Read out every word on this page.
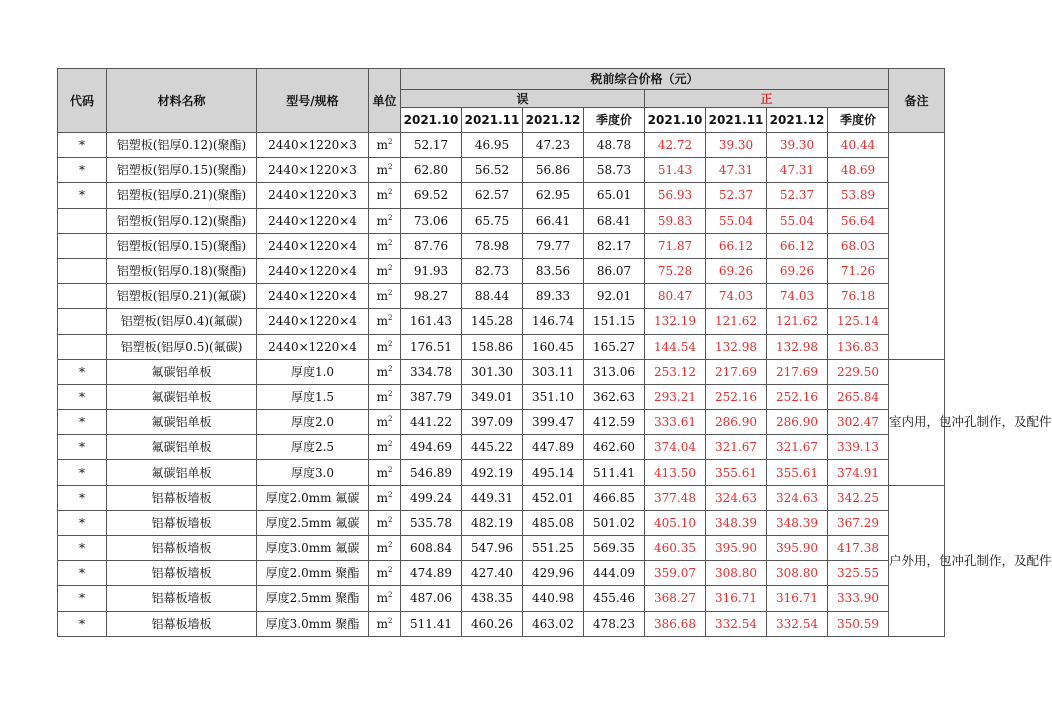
代码	材料名称	型号/规格	单位	税前综合价格（元）								备注
				误				正				
				2021.10	2021.11	2021.12	季度价	2021.10	2021.11	2021.12	季度价	
*	铝塑板(铝厚0.12)(聚酯)	2440×1220×3	$m^2$	52.17	46.95	47.23	48.78	42.72	39.30	39.30	40.44	
*	铝塑板(铝厚0.15)(聚酯)	2440×1220×3	$m^2$	62.80	56.52	56.86	58.73	51.43	47.31	47.31	48.69	
*	铝塑板(铝厚0.21)(聚酯)	2440×1220×3	$m^2$	69.52	62.57	62.95	65.01	56.93	52.37	52.37	53.89	
	铝塑板(铝厚0.12)(聚酯)	2440×1220×4	$m^2$	73.06	65.75	66.41	68.41	59.83	55.04	55.04	56.64	
	铝塑板(铝厚0.15)(聚酯)	2440×1220×4	$m^2$	87.76	78.98	79.77	82.17	71.87	66.12	66.12	68.03	
	铝塑板(铝厚0.18)(聚酯)	2440×1220×4	$m^2$	91.93	82.73	83.56	86.07	75.28	69.26	69.26	71.26	
	铝塑板(铝厚0.21)(氟碳)	2440×1220×4	$m^2$	98.27	88.44	89.33	92.01	80.47	74.03	74.03	76.18	
	铝塑板(铝厚0.4)(氟碳)	2440×1220×4	$m^2$	161.43	145.28	146.74	151.15	132.19	121.62	121.62	125.14	
	铝塑板(铝厚0.5)(氟碳)	2440×1220×4	$m^2$	176.51	158.86	160.45	165.27	144.54	132.98	132.98	136.83	
*	氟碳铝单板	厚度1.0	$m^2$	334.78	301.30	303.11	313.06	253.12	217.69	217.69	229.50	室内用，包冲孔制作，及配件
*	氟碳铝单板	厚度1.5	$m^2$	387.79	349.01	351.10	362.63	293.21	252.16	252.16	265.84	
*	氟碳铝单板	厚度2.0	$m^2$	441.22	397.09	399.47	412.59	333.61	286.90	286.90	302.47	
*	氟碳铝单板	厚度2.5	$m^2$	494.69	445.22	447.89	462.60	374.04	321.67	321.67	339.13	
*	氟碳铝单板	厚度3.0	$m^2$	546.89	492.19	495.14	511.41	413.50	355.61	355.61	374.91	
*	铝幕板墙板	厚度2.0mm 氟碳	$m^2$	499.24	449.31	452.01	466.85	377.48	324.63	324.63	342.25	户外用，包冲孔制作，及配件
*	铝幕板墙板	厚度2.5mm 氟碳	$m^2$	535.78	482.19	485.08	501.02	405.10	348.39	348.39	367.29	
*	铝幕板墙板	厚度3.0mm 氟碳	$m^2$	608.84	547.96	551.25	569.35	460.35	395.90	395.90	417.38	
*	铝幕板墙板	厚度2.0mm 聚酯	$m^2$	474.89	427.40	429.96	444.09	359.07	308.80	308.80	325.55	
*	铝幕板墙板	厚度2.5mm 聚酯	$m^2$	487.06	438.35	440.98	455.46	368.27	316.71	316.71	333.90	
*	铝幕板墙板	厚度3.0mm 聚酯	$m^2$	511.41	460.26	463.02	478.23	386.68	332.54	332.54	350.59	
